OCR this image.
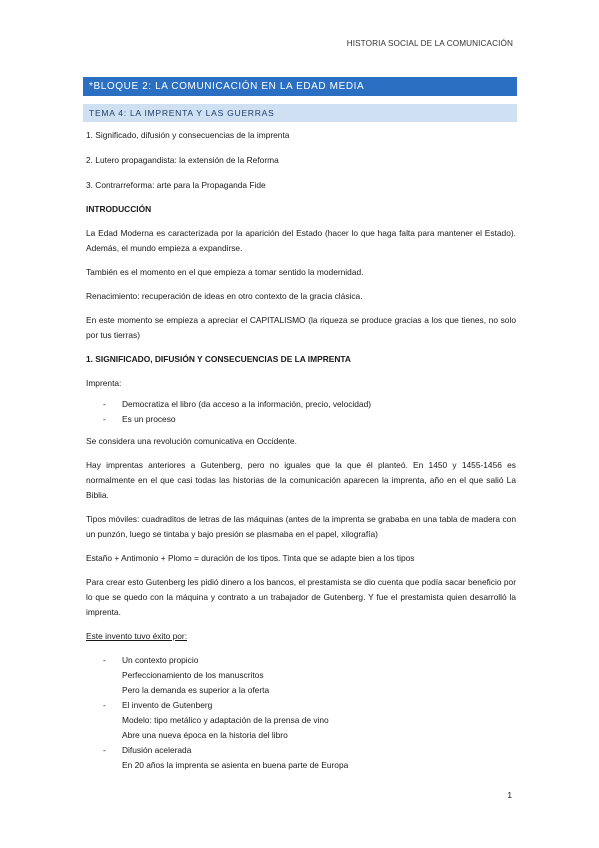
HISTORIA SOCIAL DE LA COMUNICACIÓN
*BLOQUE 2: LA COMUNICACIÓN EN LA EDAD MEDIA
TEMA 4: LA IMPRENTA Y LAS GUERRAS

1. Significado, difusión y consecuencias de la imprenta

2. Lutero propagandista: la extensión de la Reforma

3. Contrarreforma: arte para la Propaganda Fide

INTRODUCCIÓN

La Edad Moderna es caracterizada por la aparición del Estado (hacer lo que haga falta para mantener el Estado). Además, el mundo empieza a expandirse.

También es el momento en el que empieza a tomar sentido la modernidad.

Renacimiento: recuperación de ideas en otro contexto de la gracia clásica.

En este momento se empieza a apreciar el CAPITALISMO (la riqueza se produce gracias a los que tienes, no solo por tus tierras)

1. SIGNIFICADO, DIFUSIÓN Y CONSECUENCIAS DE LA IMPRENTA

Imprenta:

- Democratiza el libro (da acceso a la información, precio, velocidad)
- Es un proceso

Se considera una revolución comunicativa en Occidente.

Hay imprentas anteriores a Gutenberg, pero no iguales que la que él planteó. En 1450 y 1455-1456 es normalmente en el que casi todas las historias de la comunicación aparecen la imprenta, año en el que salió La Biblia.

Tipos móviles: cuadraditos de letras de las máquinas (antes de la imprenta se grababa en una tabla de madera con un punzón, luego se tintaba y bajo presión se plasmaba en el papel, xilografía)

Estaño + Antimonio + Plomo = duración de los tipos. Tinta que se adapte bien a los tipos

Para crear esto Gutenberg les pidió dinero a los bancos, el prestamista se dio cuenta que podía sacar beneficio por lo que se quedo con la máquina y contrato a un trabajador de Gutenberg. Y fue el prestamista quien desarrolló la imprenta.

Este invento tuvo éxito por:

- Un contexto propicio
Perfeccionamiento de los manuscritos
Pero la demanda es superior a la oferta
- El invento de Gutenberg
Modelo: tipo metálico y adaptación de la prensa de vino
Abre una nueva época en la historia del libro
- Difusión acelerada
En 20 años la imprenta se asienta en buena parte de Europa
1
